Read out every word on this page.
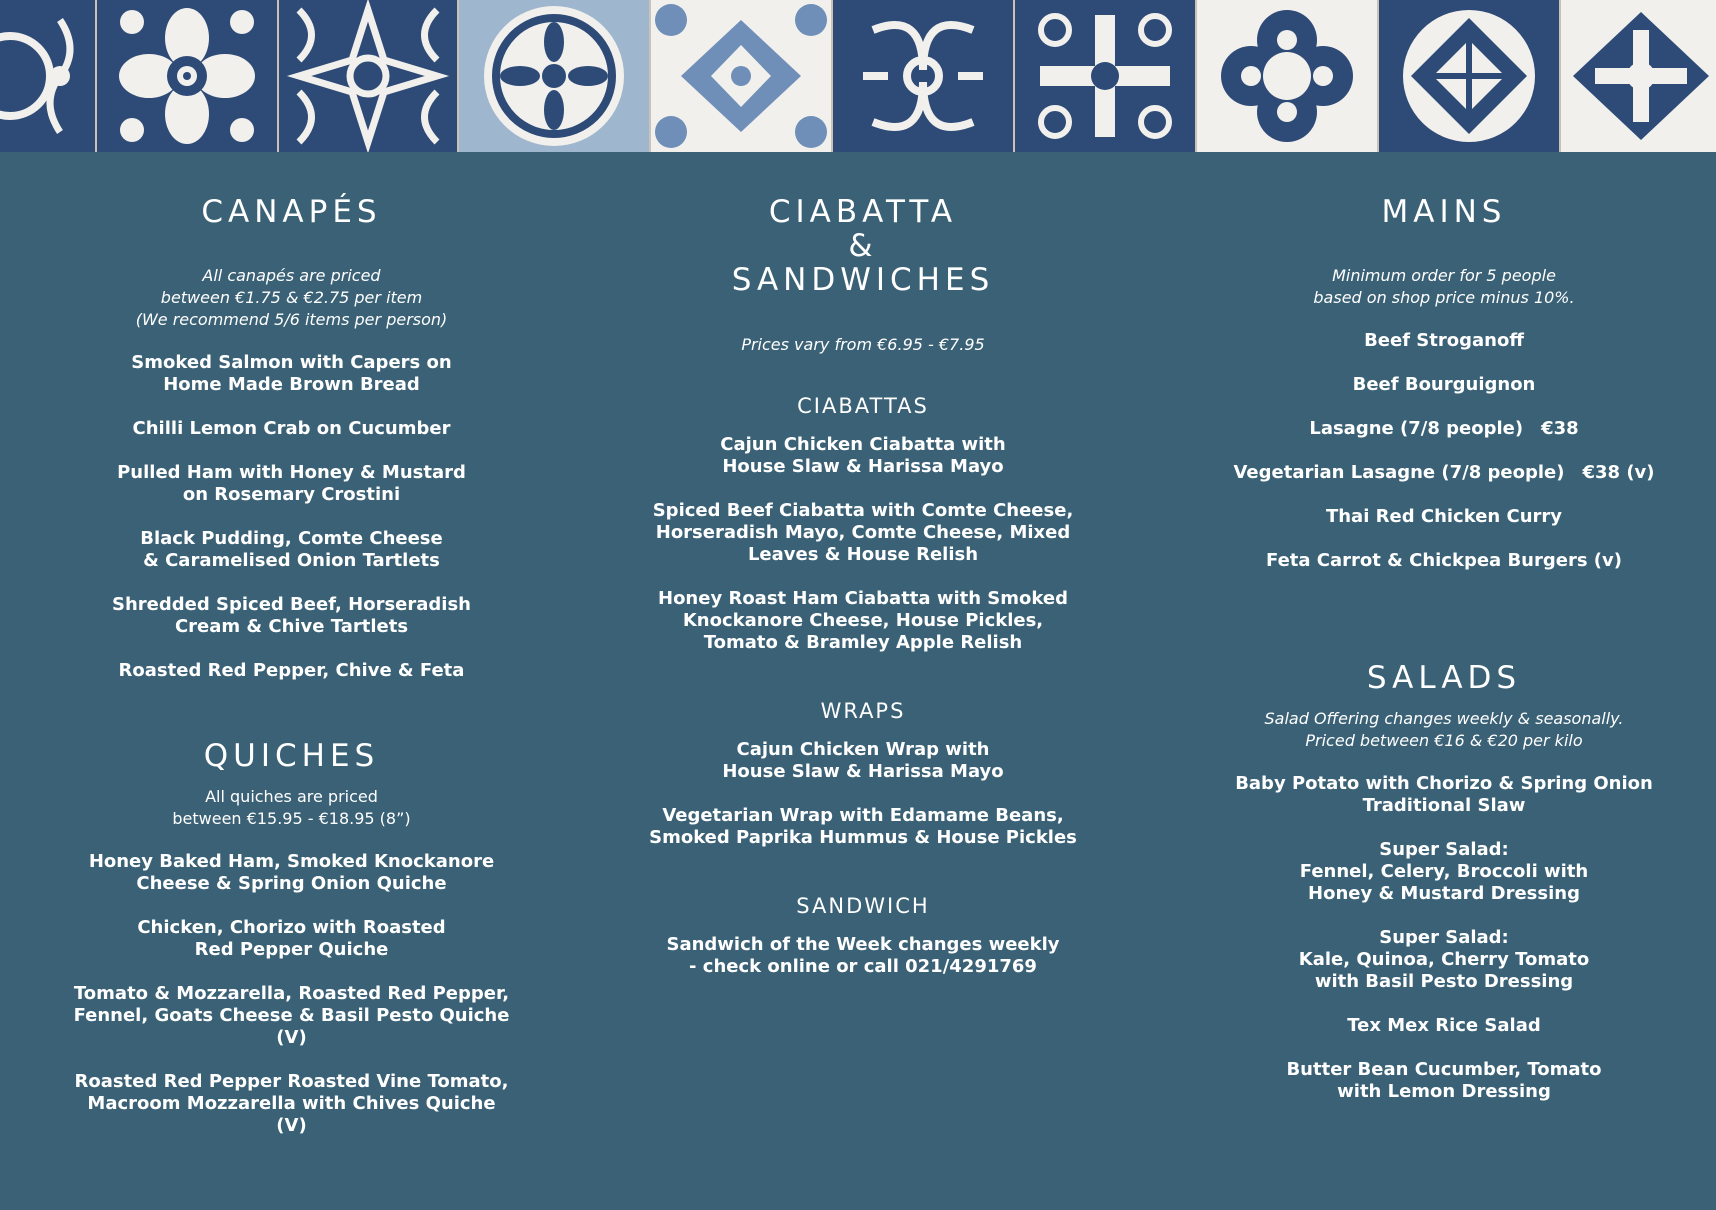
CANAPÉS

All canapés are priced
between €1.75 & €2.75 per item
(We recommend 5/6 items per person)

Smoked Salmon with Capers on
Home Made Brown Bread

Chilli Lemon Crab on Cucumber

Pulled Ham with Honey & Mustard
on Rosemary Crostini

Black Pudding, Comte Cheese
& Caramelised Onion Tartlets

Shredded Spiced Beef, Horseradish
Cream & Chive Tartlets

Roasted Red Pepper, Chive & Feta

QUICHES

All quiches are priced
between €15.95 - €18.95 (8”)

Honey Baked Ham, Smoked Knockanore
Cheese & Spring Onion Quiche

Chicken, Chorizo with Roasted
Red Pepper Quiche

Tomato & Mozzarella, Roasted Red Pepper,
Fennel, Goats Cheese & Basil Pesto Quiche
(V)

Roasted Red Pepper Roasted Vine Tomato,
Macroom Mozzarella with Chives Quiche
(V)

CIABATTA
&
SANDWICHES

Prices vary from €6.95 - €7.95

CIABATTAS

Cajun Chicken Ciabatta with
House Slaw & Harissa Mayo

Spiced Beef Ciabatta with Comte Cheese,
Horseradish Mayo, Comte Cheese, Mixed
Leaves & House Relish

Honey Roast Ham Ciabatta with Smoked
Knockanore Cheese, House Pickles,
Tomato & Bramley Apple Relish

WRAPS

Cajun Chicken Wrap with
House Slaw & Harissa Mayo

Vegetarian Wrap with Edamame Beans,
Smoked Paprika Hummus & House Pickles

SANDWICH

Sandwich of the Week changes weekly
- check online or call 021/4291769

MAINS

Minimum order for 5 people
based on shop price minus 10%.

Beef Stroganoff

Beef Bourguignon

Lasagne (7/8 people) €38

Vegetarian Lasagne (7/8 people) €38 (v)

Thai Red Chicken Curry

Feta Carrot & Chickpea Burgers (v)

SALADS

Salad Offering changes weekly & seasonally.
Priced between €16 & €20 per kilo

Baby Potato with Chorizo & Spring Onion
Traditional Slaw

Super Salad:
Fennel, Celery, Broccoli with
Honey & Mustard Dressing

Super Salad:
Kale, Quinoa, Cherry Tomato
with Basil Pesto Dressing

Tex Mex Rice Salad

Butter Bean Cucumber, Tomato
with Lemon Dressing
